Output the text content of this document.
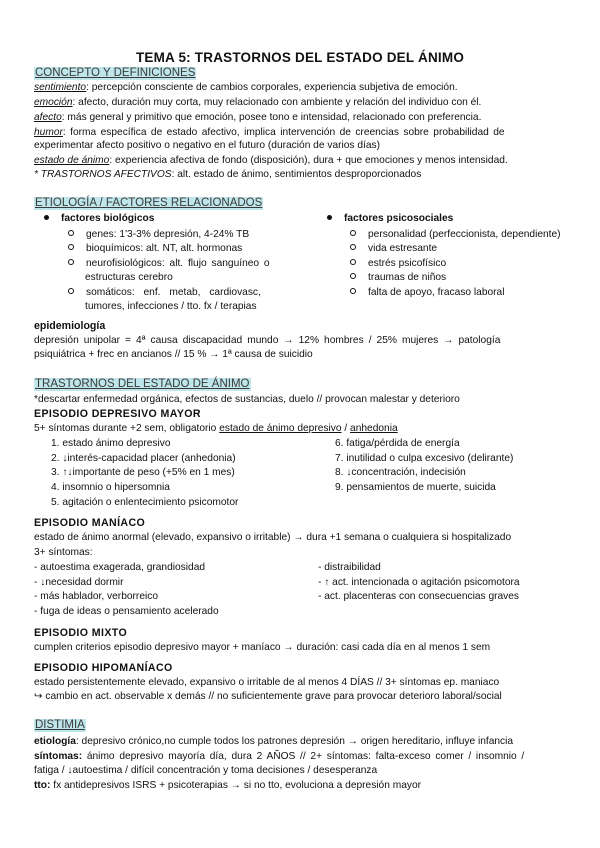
TEMA 5: TRASTORNOS DEL ESTADO DEL ÁNIMO
CONCEPTO Y DEFINICIONES
sentimiento: percepción consciente de cambios corporales, experiencia subjetiva de emoción.
emoción: afecto, duración muy corta, muy relacionado con ambiente y relación del individuo con él.
afecto: más general y primitivo que emoción, posee tono e intensidad, relacionado con preferencia.
humor: forma específica de estado afectivo, implica intervención de creencias sobre probabilidad de
experimentar afecto positivo o negativo en el futuro (duración de varios días)
estado de ánimo: experiencia afectiva de fondo (disposición), dura + que emociones y menos intensidad.
* TRASTORNOS AFECTIVOS: alt. estado de ánimo, sentimientos desproporcionados
ETIOLOGÍA / FACTORES RELACIONADOS
factores biológicos
genes: 1'3-3% depresión, 4-24% TB
bioquímicos: alt. NT, alt. hormonas
neurofisiológicos: alt. flujo sanguíneo o
estructuras cerebro
somáticos: enf. metab, cardiovasc,
tumores, infecciones / tto. fx / terapias
factores psicosociales
personalidad (perfeccionista, dependiente)
vida estresante
estrés psicofísico
traumas de niños
falta de apoyo, fracaso laboral
epidemiología
depresión unipolar = 4ª causa discapacidad mundo → 12% hombres / 25% mujeres → patología
psiquiátrica + frec en ancianos // 15 % → 1ª causa de suicidio
TRASTORNOS DEL ESTADO DE ÁNIMO
*descartar enfermedad orgánica, efectos de sustancias, duelo // provocan malestar y deterioro
EPISODIO DEPRESIVO MAYOR
5+ síntomas durante +2 sem, obligatorio estado de ánimo depresivo / anhedonia
1. estado ánimo depresivo
2. ↓interés-capacidad placer (anhedonia)
3. ↑↓importante de peso (+5% en 1 mes)
4. insomnio o hipersomnia
5. agitación o enlentecimiento psicomotor
6. fatiga/pérdida de energía
7. inutilidad o culpa excesivo (delirante)
8. ↓concentración, indecisión
9. pensamientos de muerte, suicida
EPISODIO MANÍACO
estado de ánimo anormal (elevado, expansivo o irritable) → dura +1 semana o cualquiera si hospitalizado
3+ síntomas:
- autoestima exagerada, grandiosidad
- ↓necesidad dormir
- más hablador, verborreico
- fuga de ideas o pensamiento acelerado
- distraibilidad
- ↑ act. intencionada o agitación psicomotora
- act. placenteras con consecuencias graves
EPISODIO MIXTO
cumplen criterios episodio depresivo mayor + maníaco → duración: casi cada día en al menos 1 sem
EPISODIO HIPOMANÍACO
estado persistentemente elevado, expansivo o irritable de al menos 4 DÍAS // 3+ síntomas ep. maniaco
↪ cambio en act. observable x demás // no suficientemente grave para provocar deterioro laboral/social
DISTIMIA
etiología: depresivo crónico,no cumple todos los patrones depresión → origen hereditario, influye infancia
síntomas: ánimo depresivo mayoría día, dura 2 AÑOS // 2+ síntomas: falta-exceso comer / insomnio /
fatiga / ↓autoestima / difícil concentración y toma decisiones / desesperanza
tto: fx antidepresivos ISRS + psicoterapias → si no tto, evoluciona a depresión mayor
